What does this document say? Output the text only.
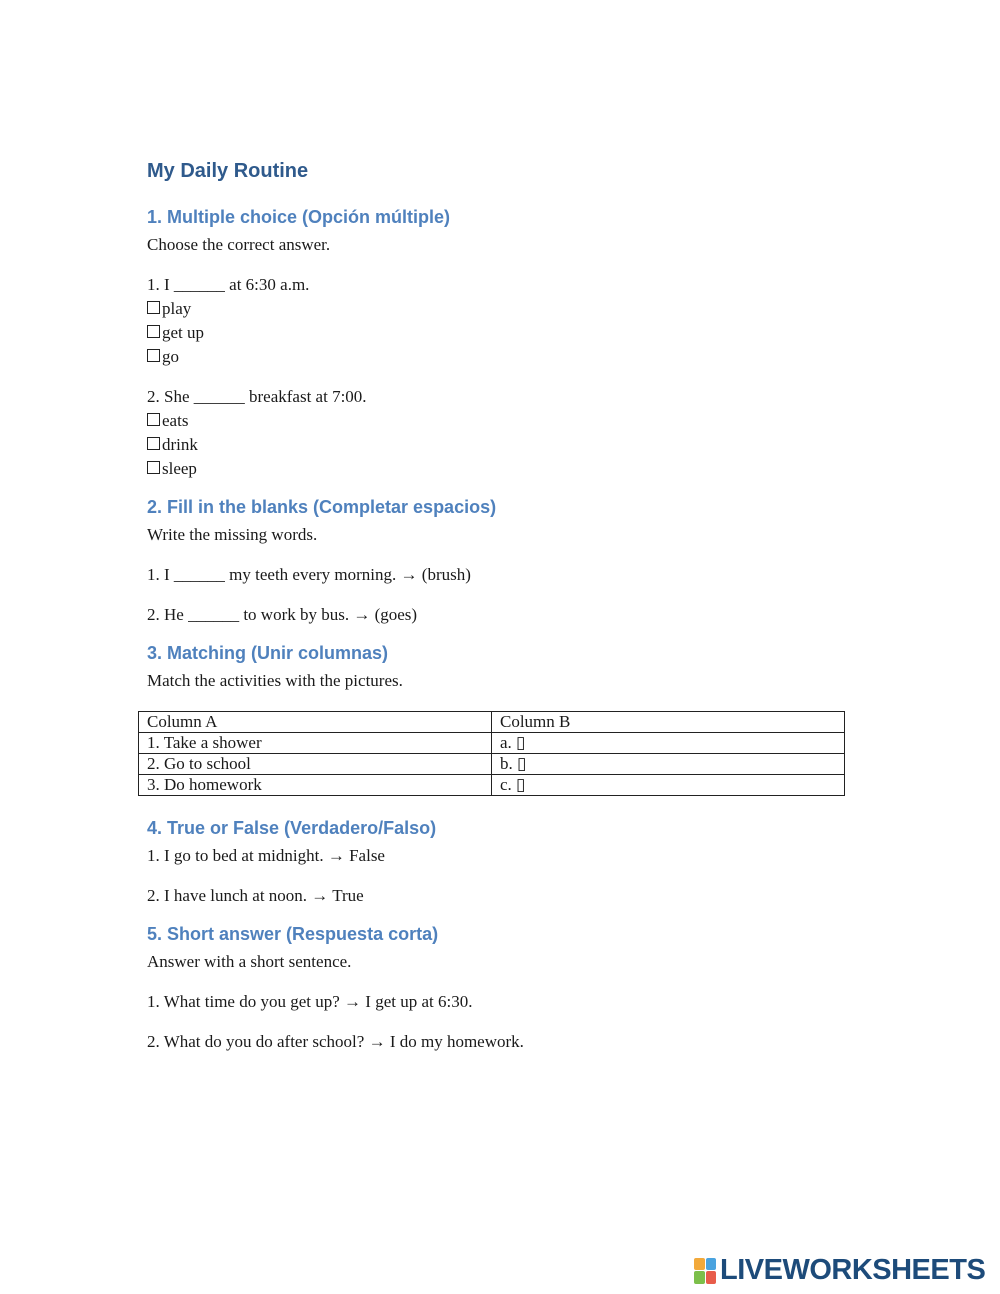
My Daily Routine
1. Multiple choice (Opción múltiple)
Choose the correct answer.
1. I ______ at 6:30 a.m.
play
get up
go
2. She ______ breakfast at 7:00.
eats
drink
sleep
2. Fill in the blanks (Completar espacios)
Write the missing words.
1. I ______ my teeth every morning. → (brush)
2. He ______ to work by bus. → (goes)
3. Matching (Unir columnas)
Match the activities with the pictures.
Column A	Column B
1. Take a shower	a. ▯
2. Go to school	b. ▯
3. Do homework	c. ▯
4. True or False (Verdadero/Falso)
1. I go to bed at midnight. → False
2. I have lunch at noon. → True
5. Short answer (Respuesta corta)
Answer with a short sentence.
1. What time do you get up? → I get up at 6:30.
2. What do you do after school? → I do my homework.
LIVEWORKSHEETS
